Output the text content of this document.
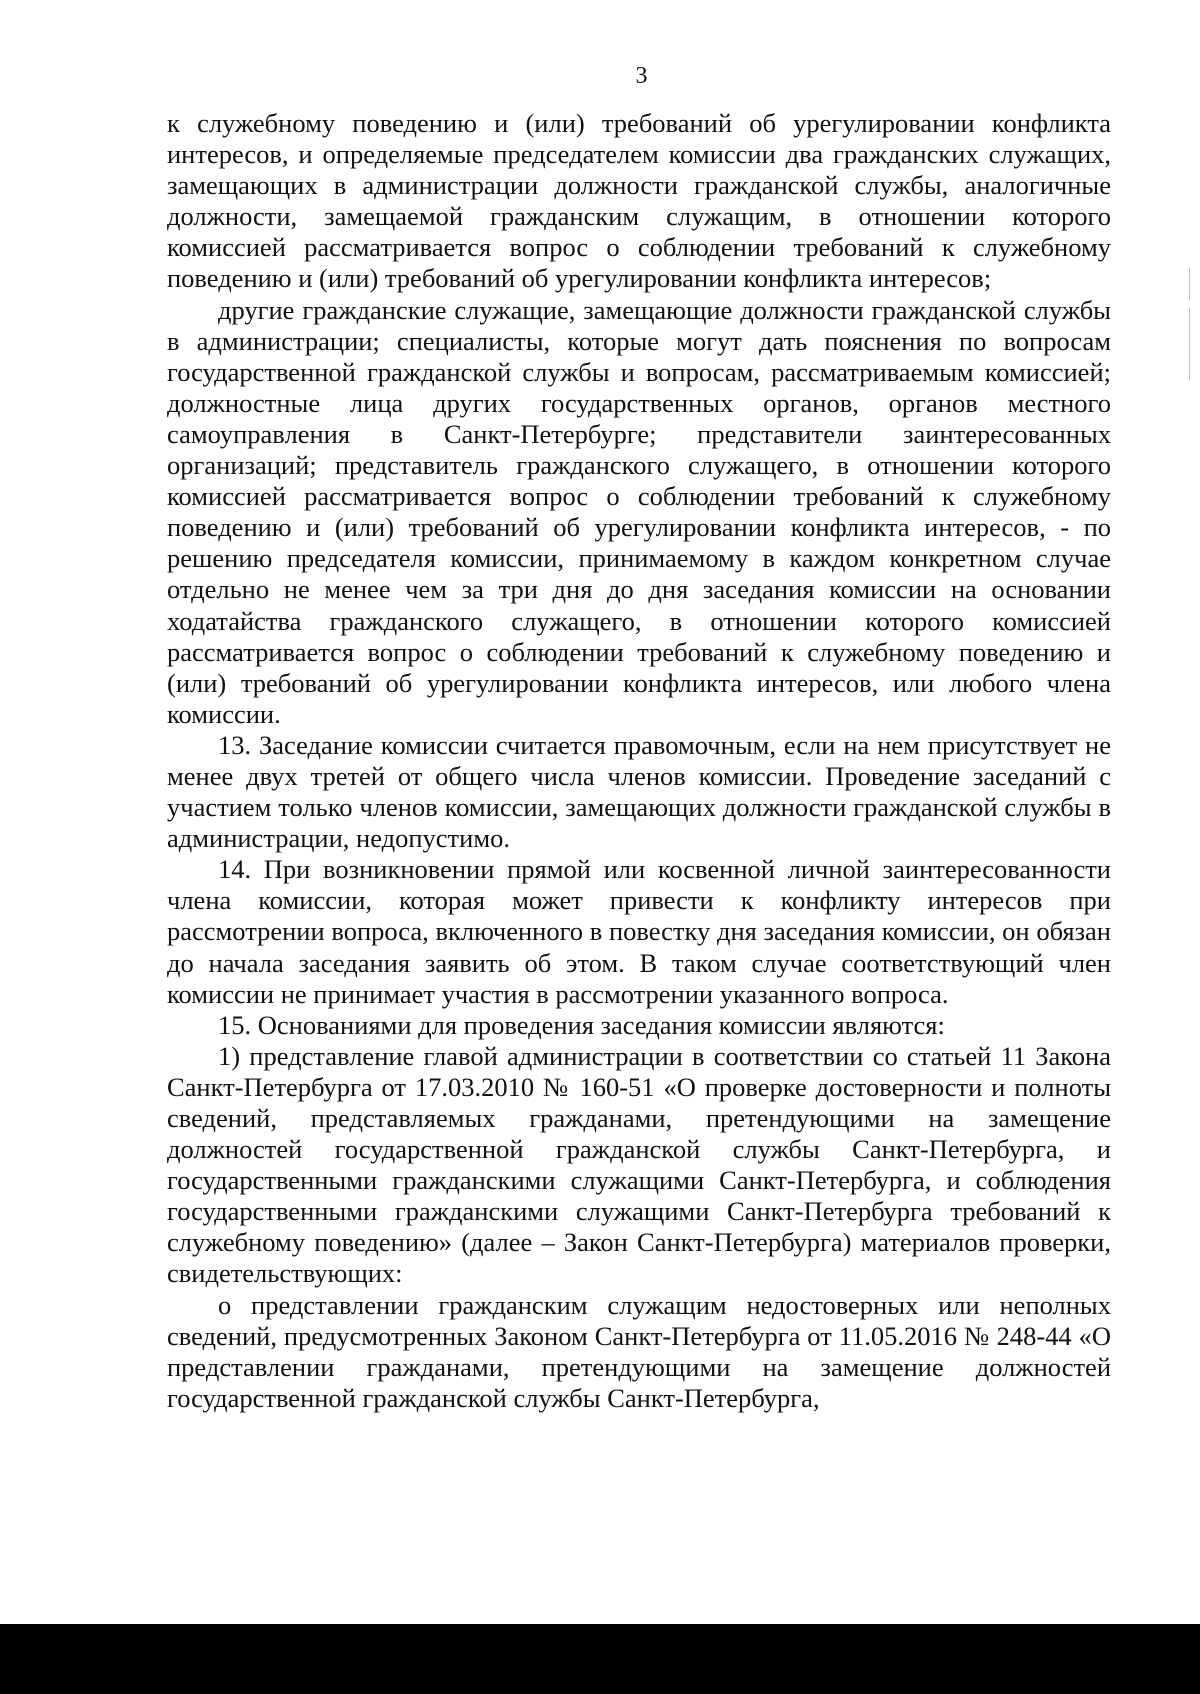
3

к служебному поведению и (или) требований об урегулировании конфликта интересов, и определяемые председателем комиссии два гражданских служащих, замещающих в администрации должности гражданской службы, аналогичные должности, замещаемой гражданским служащим, в отношении которого комиссией рассматривается вопрос о соблюдении требований к служебному поведению и (или) требований об урегулировании конфликта интересов;

другие гражданские служащие, замещающие должности гражданской службы в администрации; специалисты, которые могут дать пояснения по вопросам государственной гражданской службы и вопросам, рассматриваемым комиссией; должностные лица других государственных органов, органов местного самоуправления в Санкт-Петербурге; представители заинтересованных организаций; представитель гражданского служащего, в отношении которого комиссией рассматривается вопрос о соблюдении требований к служебному поведению и (или) требований об урегулировании конфликта интересов, - по решению председателя комиссии, принимаемому в каждом конкретном случае отдельно не менее чем за три дня до дня заседания комиссии на основании ходатайства гражданского служащего, в отношении которого комиссией рассматривается вопрос о соблюдении требований к служебному поведению и (или) требований об урегулировании конфликта интересов, или любого члена комиссии.

13. Заседание комиссии считается правомочным, если на нем присутствует не менее двух третей от общего числа членов комиссии. Проведение заседаний с участием только членов комиссии, замещающих должности гражданской службы в администрации, недопустимо.

14. При возникновении прямой или косвенной личной заинтересованности члена комиссии, которая может привести к конфликту интересов при рассмотрении вопроса, включенного в повестку дня заседания комиссии, он обязан до начала заседания заявить об этом. В таком случае соответствующий член комиссии не принимает участия в рассмотрении указанного вопроса.

15. Основаниями для проведения заседания комиссии являются:

1) представление главой администрации в соответствии со статьей 11 Закона Санкт-Петербурга от 17.03.2010 № 160-51 «О проверке достоверности и полноты сведений, представляемых гражданами, претендующими на замещение должностей государственной гражданской службы Санкт-Петербурга, и государственными гражданскими служащими Санкт-Петербурга, и соблюдения государственными гражданскими служащими Санкт-Петербурга требований к служебному поведению» (далее – Закон Санкт-Петербурга) материалов проверки, свидетельствующих:

о представлении гражданским служащим недостоверных или неполных сведений, предусмотренных Законом Санкт-Петербурга от 11.05.2016 № 248-44 «О представлении гражданами, претендующими на замещение должностей государственной гражданской службы Санкт-Петербурга,
